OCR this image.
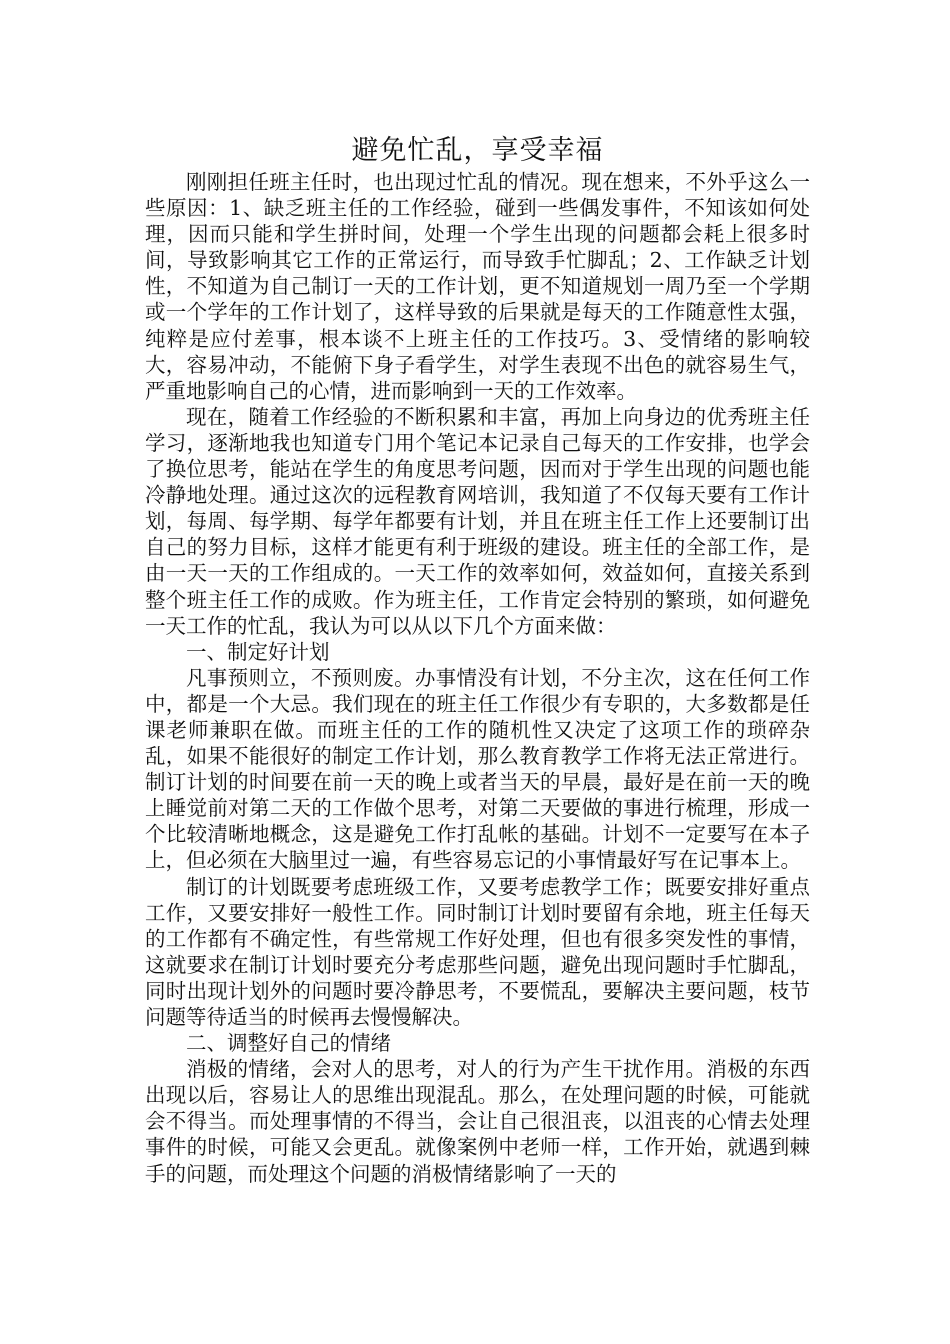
避免忙乱，享受幸福

刚刚担任班主任时，也出现过忙乱的情况。现在想来，不外乎这么一些原因：1、缺乏班主任的工作经验，碰到一些偶发事件，不知该如何处理，因而只能和学生拼时间，处理一个学生出现的问题都会耗上很多时间，导致影响其它工作的正常运行，而导致手忙脚乱；2、工作缺乏计划性，不知道为自己制订一天的工作计划，更不知道规划一周乃至一个学期或一个学年的工作计划了，这样导致的后果就是每天的工作随意性太强，纯粹是应付差事，根本谈不上班主任的工作技巧。3、受情绪的影响较大，容易冲动，不能俯下身子看学生，对学生表现不出色的就容易生气，严重地影响自己的心情，进而影响到一天的工作效率。

现在，随着工作经验的不断积累和丰富，再加上向身边的优秀班主任学习，逐渐地我也知道专门用个笔记本记录自己每天的工作安排，也学会了换位思考，能站在学生的角度思考问题，因而对于学生出现的问题也能冷静地处理。通过这次的远程教育网培训，我知道了不仅每天要有工作计划，每周、每学期、每学年都要有计划，并且在班主任工作上还要制订出自己的努力目标，这样才能更有利于班级的建设。班主任的全部工作，是由一天一天的工作组成的。一天工作的效率如何，效益如何，直接关系到整个班主任工作的成败。作为班主任，工作肯定会特别的繁琐，如何避免一天工作的忙乱，我认为可以从以下几个方面来做：

一、制定好计划

凡事预则立，不预则废。办事情没有计划，不分主次，这在任何工作中，都是一个大忌。我们现在的班主任工作很少有专职的，大多数都是任课老师兼职在做。而班主任的工作的随机性又决定了这项工作的琐碎杂乱，如果不能很好的制定工作计划，那么教育教学工作将无法正常进行。制订计划的时间要在前一天的晚上或者当天的早晨，最好是在前一天的晚上睡觉前对第二天的工作做个思考，对第二天要做的事进行梳理，形成一个比较清晰地概念，这是避免工作打乱帐的基础。计划不一定要写在本子上，但必须在大脑里过一遍，有些容易忘记的小事情最好写在记事本上。

制订的计划既要考虑班级工作，又要考虑教学工作；既要安排好重点工作，又要安排好一般性工作。同时制订计划时要留有余地，班主任每天的工作都有不确定性，有些常规工作好处理，但也有很多突发性的事情，这就要求在制订计划时要充分考虑那些问题，避免出现问题时手忙脚乱，同时出现计划外的问题时要冷静思考，不要慌乱，要解决主要问题，枝节问题等待适当的时候再去慢慢解决。

二、调整好自己的情绪

消极的情绪，会对人的思考，对人的行为产生干扰作用。消极的东西出现以后，容易让人的思维出现混乱。那么，在处理问题的时候，可能就会不得当。而处理事情的不得当，会让自己很沮丧，以沮丧的心情去处理事件的时候，可能又会更乱。就像案例中老师一样，工作开始，就遇到棘手的问题，而处理这个问题的消极情绪影响了一天的
